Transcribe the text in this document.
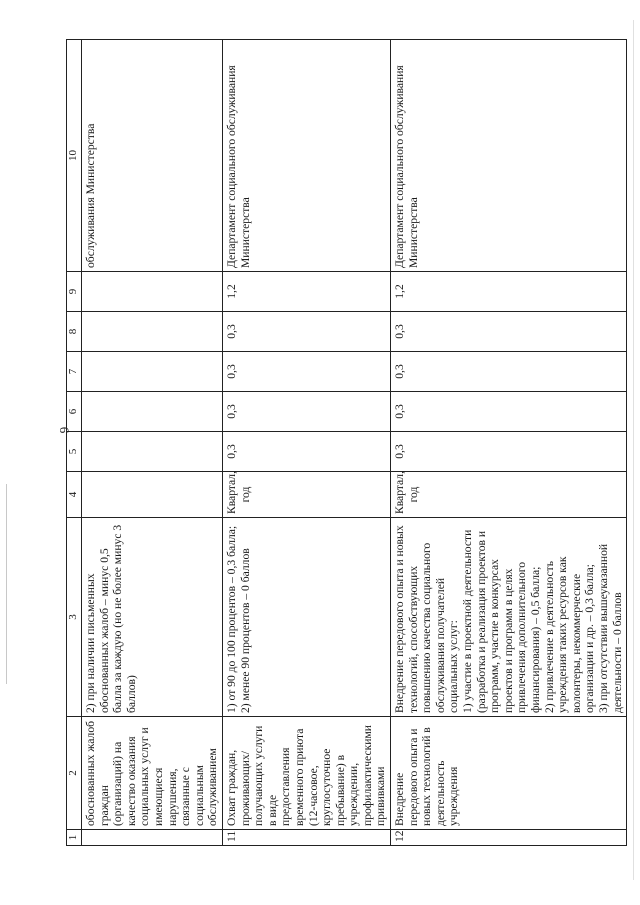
6
1	2	3	4	5	6	7	8	9	10
	обоснованных жалоб граждан (организаций) на качество оказания социальных услуг и имеющиеся нарушения, связанные с социальным обслуживанием	2) при наличии письменных обоснованных жалоб – минус 0,5 балла за каждую (но не более минус 3 баллов)							обслуживания Министерства
11	Охват граждан, проживающих/получающих услуги в виде предоставления временного приюта (12-часовое, круглосуточное пребывание) в учреждении, профилактическими прививками	1) от 90 до 100 процентов – 0,3 балла;
2) менее 90 процентов – 0 баллов	Квартал, год	0,3	0,3	0,3	0,3	1,2	Департамент социального обслуживания Министерства
12	Внедрение передового опыта и новых технологий в деятельность учреждения	Внедрение передового опыта и новых технологий, способствующих повышению качества социального обслуживания получателей социальных услуг:
1) участие в проектной деятельности (разработка и реализация проектов и программ, участие в конкурсах проектов и программ в целях привлечения дополнительного финансирования) – 0,5 балла;
2) привлечение в деятельность учреждения таких ресурсов как волонтеры, некоммерческие организации и др. – 0,3 балла;
3) при отсутствии вышеуказанной деятельности – 0 баллов	Квартал, год	0,3	0,3	0,3	0,3	1,2	Департамент социального обслуживания Министерства
